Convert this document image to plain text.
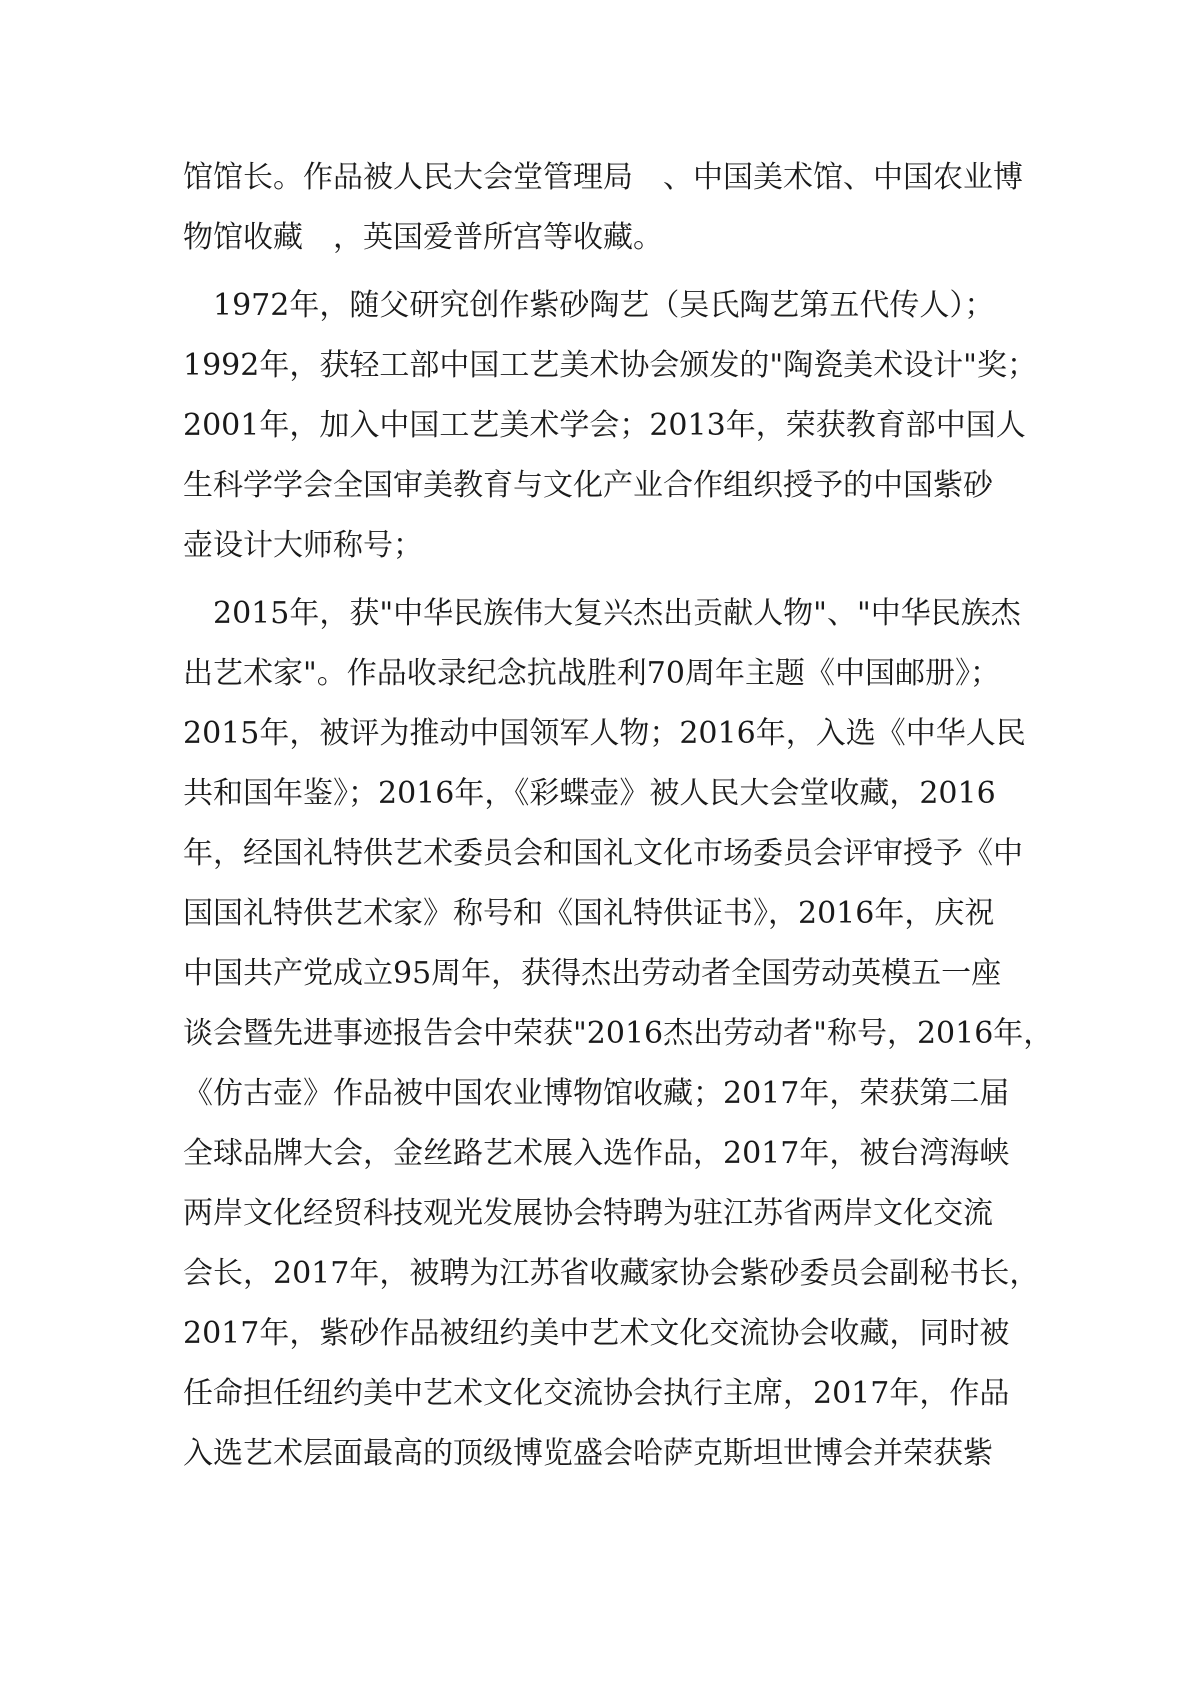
馆馆长。作品被人民大会堂管理局　、中国美术馆、中国农业博
物馆收藏　，英国爱普所宫等收藏。
　1972年，随父研究创作紫砂陶艺（吴氏陶艺第五代传人）；
1992年，获轻工部中国工艺美术协会颁发的"陶瓷美术设计"奖；
2001年，加入中国工艺美术学会；2013年，荣获教育部中国人
生科学学会全国审美教育与文化产业合作组织授予的中国紫砂
壶设计大师称号；
　2015年，获"中华民族伟大复兴杰出贡献人物"、"中华民族杰
出艺术家"。作品收录纪念抗战胜利70周年主题《中国邮册》；
2015年，被评为推动中国领军人物；2016年，入选《中华人民
共和国年鉴》；2016年，《彩蝶壶》被人民大会堂收藏，2016
年，经国礼特供艺术委员会和国礼文化市场委员会评审授予《中
国国礼特供艺术家》称号和《国礼特供证书》，2016年，庆祝
中国共产党成立95周年，获得杰出劳动者全国劳动英模五一座
谈会暨先进事迹报告会中荣获"2016杰出劳动者"称号，2016年，
《仿古壶》作品被中国农业博物馆收藏；2017年，荣获第二届
全球品牌大会，金丝路艺术展入选作品，2017年，被台湾海峡
两岸文化经贸科技观光发展协会特聘为驻江苏省两岸文化交流
会长，2017年，被聘为江苏省收藏家协会紫砂委员会副秘书长，
2017年，紫砂作品被纽约美中艺术文化交流协会收藏，同时被
任命担任纽约美中艺术文化交流协会执行主席，2017年，作品
入选艺术层面最高的顶级博览盛会哈萨克斯坦世博会并荣获紫
